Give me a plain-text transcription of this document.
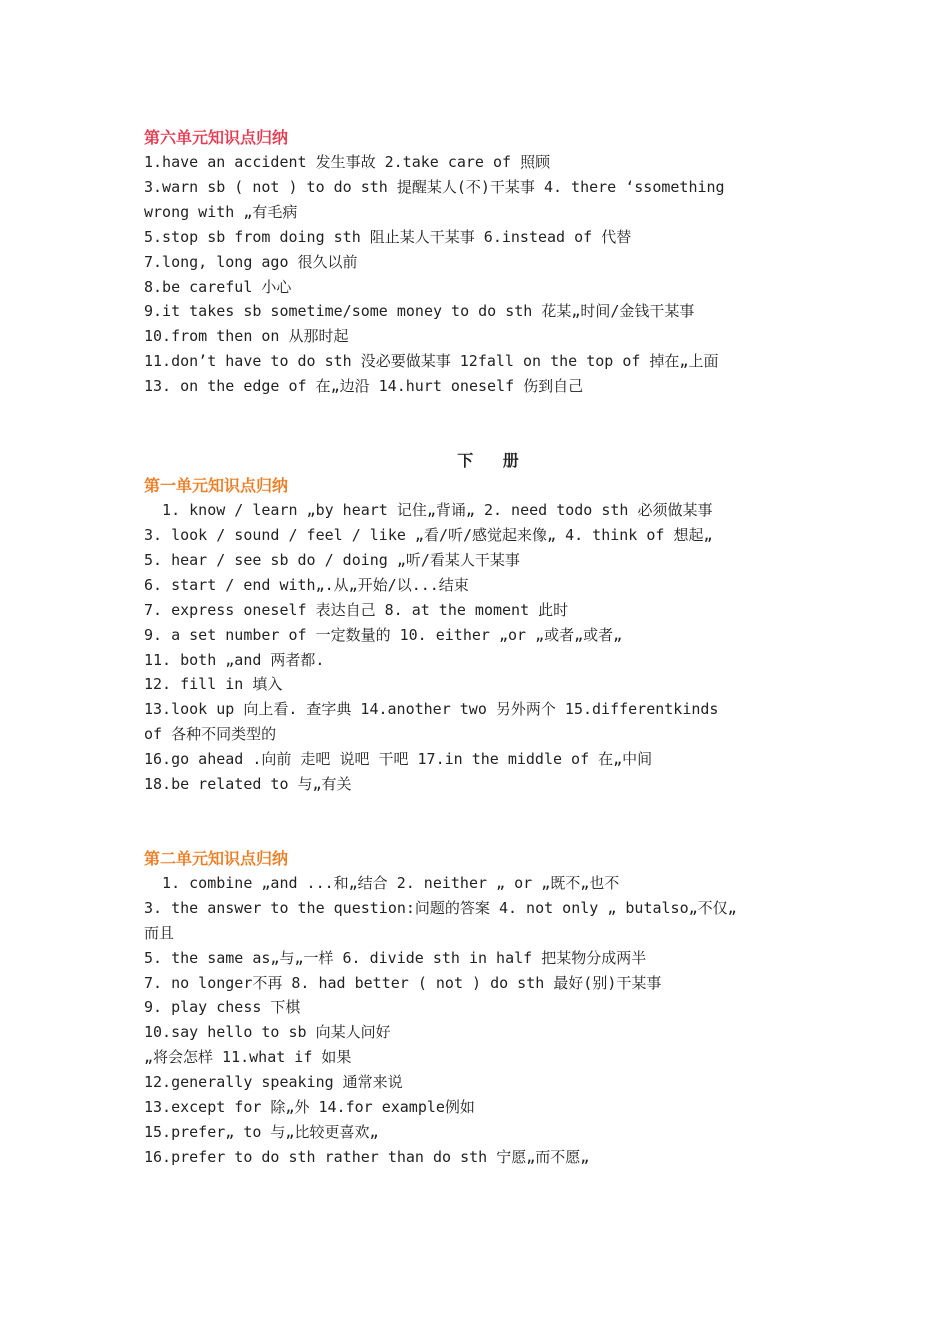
第六单元知识点归纳
1.have an accident 发生事故 2.take care of 照顾
3.warn sb ( not ) to do sth 提醒某人(不)干某事 4. there ‘ssomething
wrong with „有毛病
5.stop sb from doing sth 阻止某人干某事 6.instead of 代替
7.long, long ago 很久以前
8.be careful 小心
9.it takes sb sometime/some money to do sth 花某„时间/金钱干某事
10.from then on 从那时起
11.don’t have to do sth 没必要做某事 12fall on the top of 掉在„上面
13. on the edge of 在„边沿 14.hurt oneself 伤到自己
下 册
第一单元知识点归纳
1. know / learn „by heart 记住„背诵„ 2. need todo sth 必须做某事
3. look / sound / feel / like „看/听/感觉起来像„ 4. think of 想起„
5. hear / see sb do / doing „听/看某人干某事
6. start / end with„.从„开始/以...结束
7. express oneself 表达自己 8. at the moment 此时
9. a set number of 一定数量的 10. either „or „或者„或者„
11. both „and 两者都.
12. fill in 填入
13.look up 向上看. 查字典 14.another two 另外两个 15.differentkinds
of 各种不同类型的
16.go ahead .向前 走吧 说吧 干吧 17.in the middle of 在„中间
18.be related to 与„有关
第二单元知识点归纳
1. combine „and ...和„结合 2. neither „ or „既不„也不
3. the answer to the question:问题的答案 4. not only „ butalso„不仅„
而且
5. the same as„与„一样 6. divide sth in half 把某物分成两半
7. no longer不再 8. had better ( not ) do sth 最好(别)干某事
9. play chess 下棋
10.say hello to sb 向某人问好
„将会怎样 11.what if 如果
12.generally speaking 通常来说
13.except for 除„外 14.for example例如
15.prefer„ to 与„比较更喜欢„
16.prefer to do sth rather than do sth 宁愿„而不愿„
